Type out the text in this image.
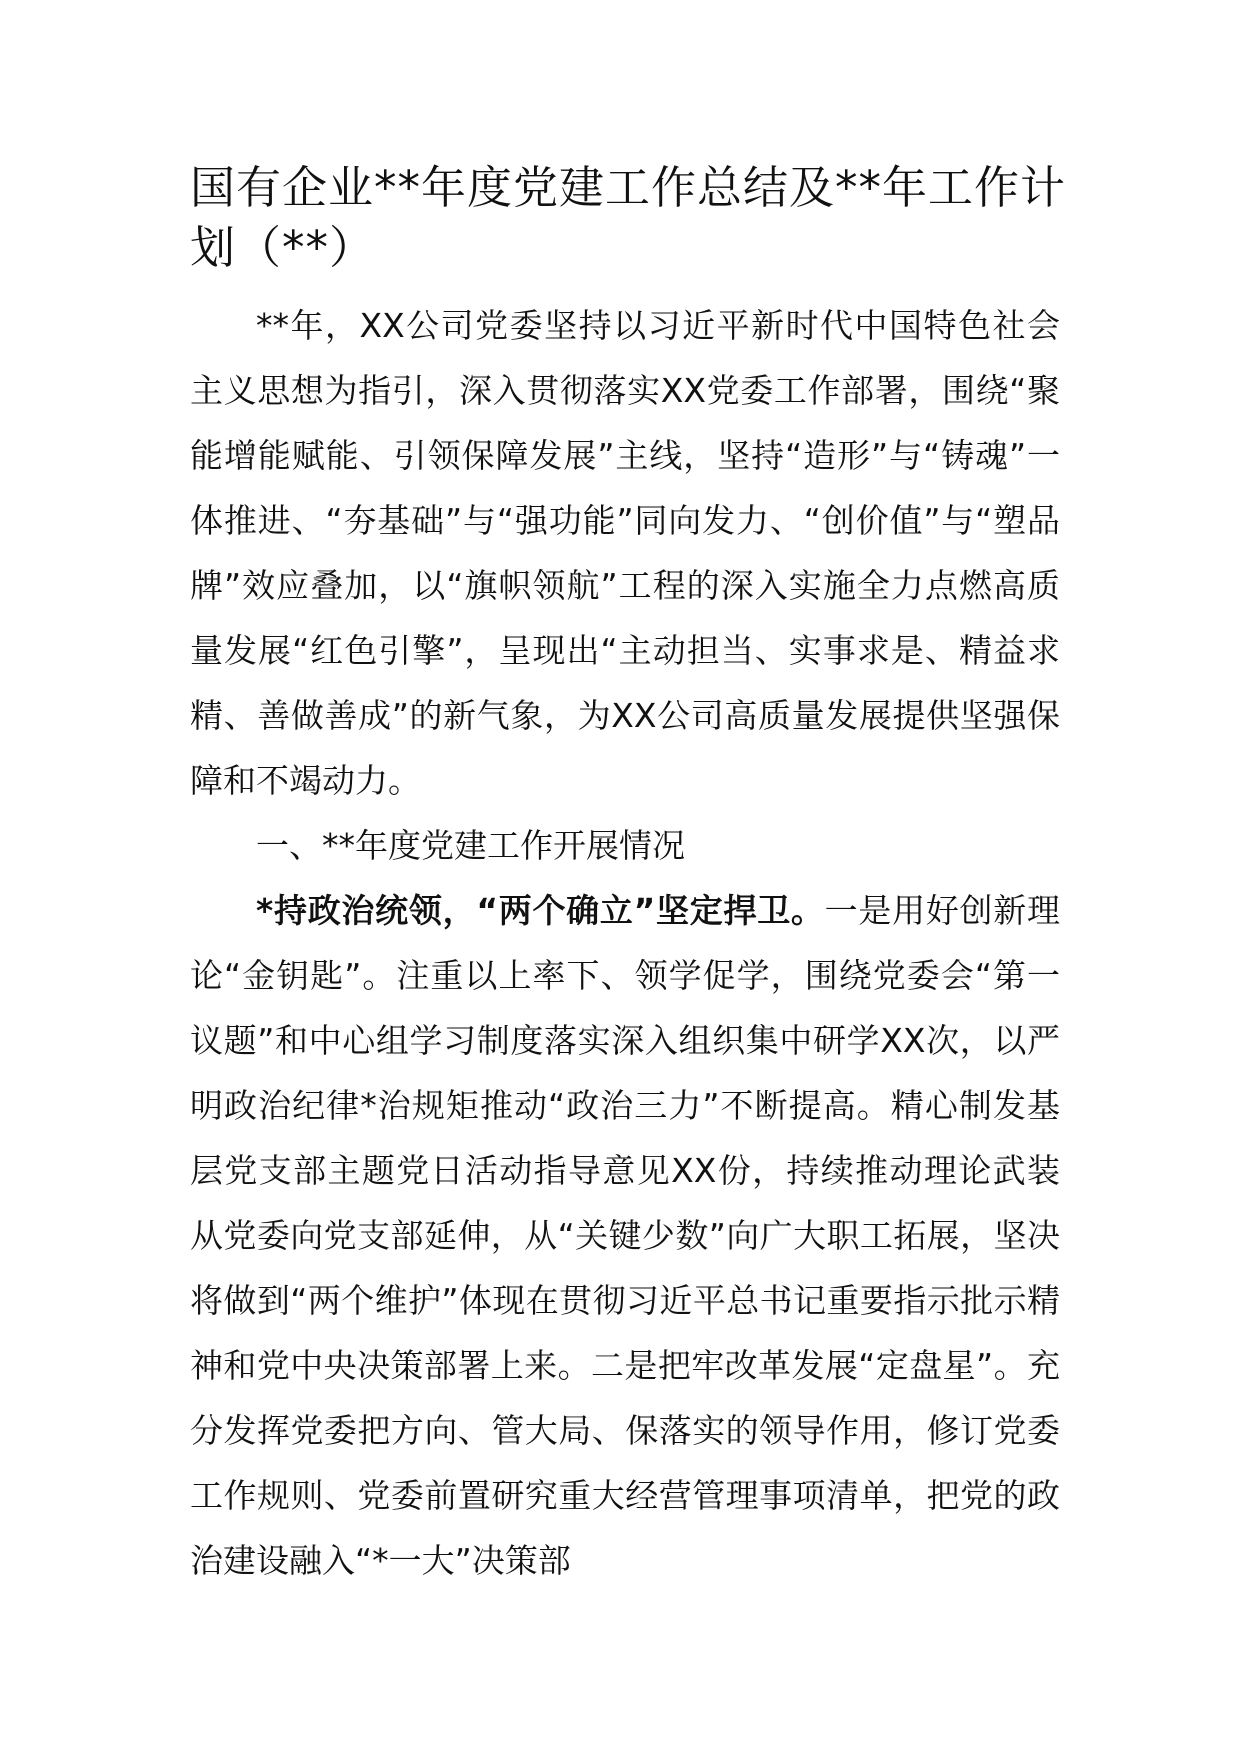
国有企业**年度党建工作总结及**年工作计划（**）

**年，XX公司党委坚持以习近平新时代中国特色社会主义思想为指引，深入贯彻落实XX党委工作部署，围绕“聚能增能赋能、引领保障发展”主线，坚持“造形”与“铸魂”一体推进、“夯基础”与“强功能”同向发力、“创价值”与“塑品牌”效应叠加，以“旗帜领航”工程的深入实施全力点燃高质量发展“红色引擎”，呈现出“主动担当、实事求是、精益求精、善做善成”的新气象，为XX公司高质量发展提供坚强保障和不竭动力。

一、**年度党建工作开展情况

*持政治统领，“两个确立”坚定捍卫。一是用好创新理论“金钥匙”。注重以上率下、领学促学，围绕党委会“第一议题”和中心组学习制度落实深入组织集中研学XX次，以严明政治纪律*治规矩推动“政治三力”不断提高。精心制发基层党支部主题党日活动指导意见XX份，持续推动理论武装从党委向党支部延伸，从“关键少数”向广大职工拓展，坚决将做到“两个维护”体现在贯彻习近平总书记重要指示批示精神和党中央决策部署上来。二是把牢改革发展“定盘星”。充分发挥党委把方向、管大局、保落实的领导作用，修订党委工作规则、党委前置研究重大经营管理事项清单，把党的政治建设融入“*一大”决策部
